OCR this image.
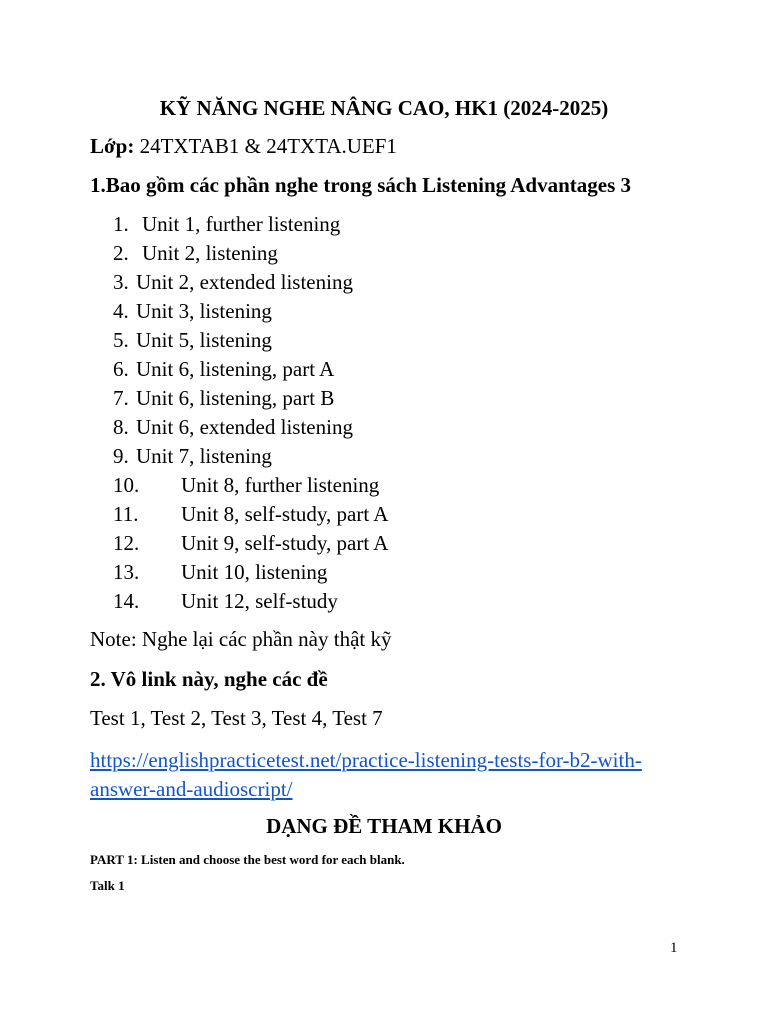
KỸ NĂNG NGHE NÂNG CAO, HK1 (2024-2025)
Lớp: 24TXTAB1 & 24TXTA.UEF1
1.Bao gồm các phần nghe trong sách Listening Advantages 3
1. Unit 1, further listening
2. Unit 2, listening
3. Unit 2, extended listening
4. Unit 3, listening
5. Unit 5, listening
6. Unit 6, listening, part A
7. Unit 6, listening, part B
8. Unit 6, extended listening
9. Unit 7, listening
10. Unit 8, further listening
11. Unit 8, self-study, part A
12. Unit 9, self-study, part A
13. Unit 10, listening
14. Unit 12, self-study
Note: Nghe lại các phần này thật kỹ
2. Vô link này, nghe các đề
Test 1, Test 2, Test 3, Test 4, Test 7
https://englishpracticetest.net/practice-listening-tests-for-b2-with-answer-and-audioscript/
DẠNG ĐỀ THAM KHẢO
PART 1: Listen and choose the best word for each blank.
Talk 1
1
